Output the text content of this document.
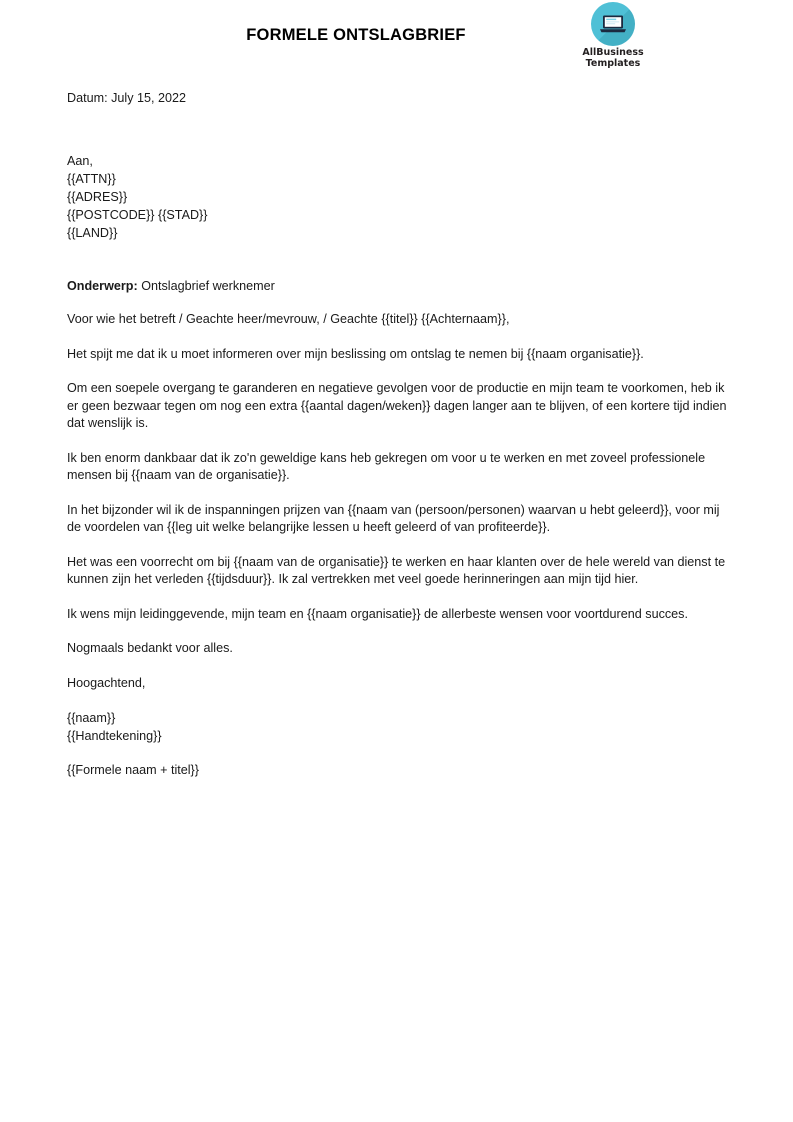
FORMELE ONTSLAGBRIEF
AllBusiness
Templates

Datum: July 15, 2022

Aan,

{{ATTN}}

{{ADRES}}

{{POSTCODE}} {{STAD}}

{{LAND}}

Onderwerp: Ontslagbrief werknemer

Voor wie het betreft / Geachte heer/mevrouw, / Geachte {{titel}} {{Achternaam}},

Het spijt me dat ik u moet informeren over mijn beslissing om ontslag te nemen bij {{naam organisatie}}.

Om een soepele overgang te garanderen en negatieve gevolgen voor de productie en mijn team te voorkomen, heb ik er geen bezwaar tegen om nog een extra {{aantal dagen/weken}} dagen langer aan te blijven, of een kortere tijd indien dat wenslijk is.

Ik ben enorm dankbaar dat ik zo'n geweldige kans heb gekregen om voor u te werken en met zoveel professionele mensen bij {{naam van de organisatie}}.

In het bijzonder wil ik de inspanningen prijzen van {{naam van (persoon/personen) waarvan u hebt geleerd}}, voor mij de voordelen van {{leg uit welke belangrijke lessen u heeft geleerd of van profiteerde}}.

Het was een voorrecht om bij {{naam van de organisatie}} te werken en haar klanten over de hele wereld van dienst te kunnen zijn het verleden {{tijdsduur}}. Ik zal vertrekken met veel goede herinneringen aan mijn tijd hier.

Ik wens mijn leidinggevende, mijn team en {{naam organisatie}} de allerbeste wensen voor voortdurend succes.

Nogmaals bedankt voor alles.

Hoogachtend,

{{naam}}

{{Handtekening}}

{{Formele naam + titel}}
